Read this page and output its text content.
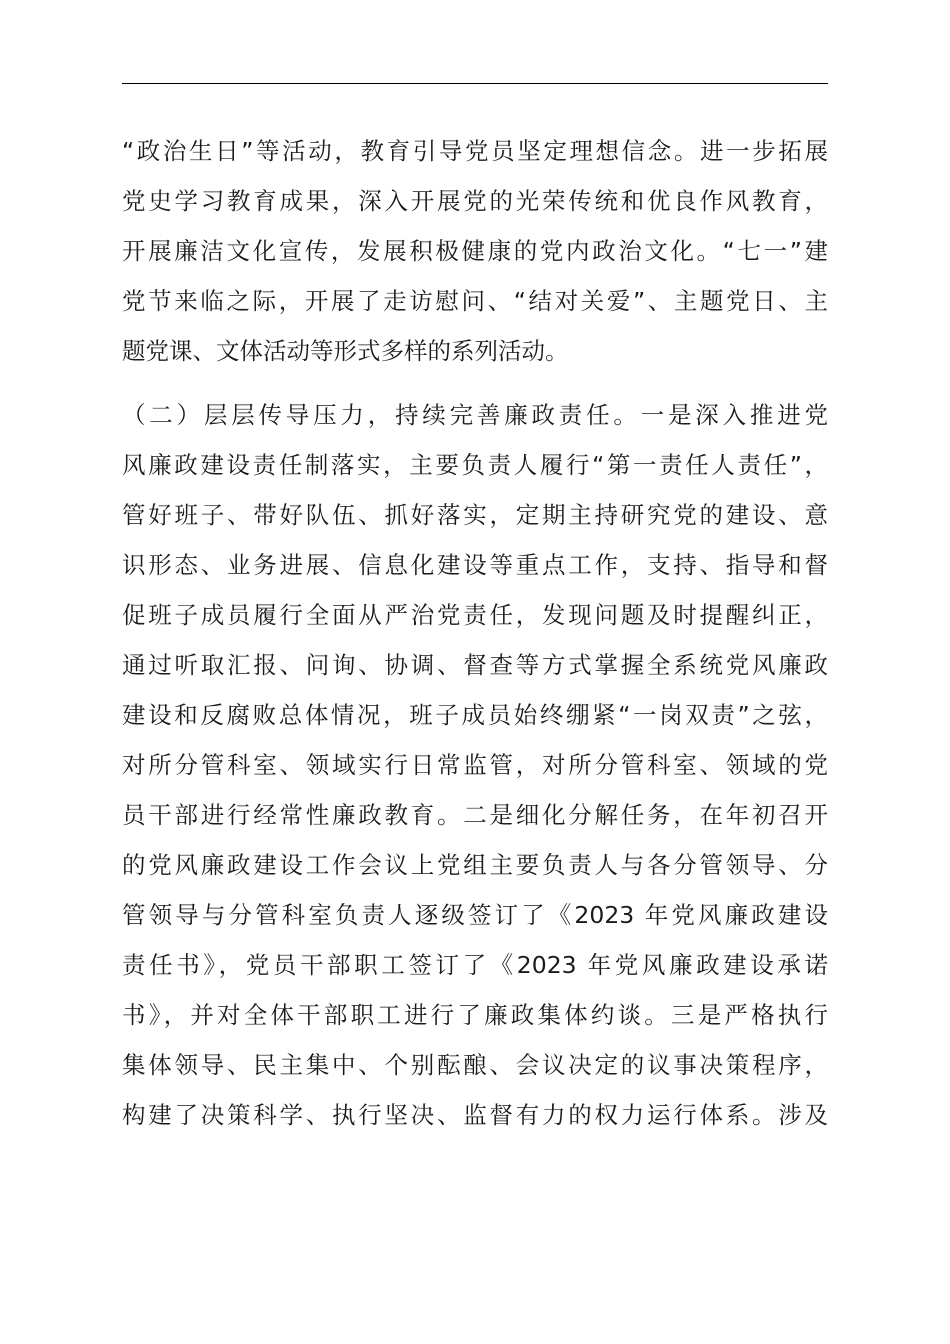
“政治生日”等活动，教育引导党员坚定理想信念。进一步拓展
党史学习教育成果，深入开展党的光荣传统和优良作风教育，
开展廉洁文化宣传，发展积极健康的党内政治文化。“七一”建
党节来临之际，开展了走访慰问、“结对关爱”、主题党日、主
题党课、文体活动等形式多样的系列活动。
（二）层层传导压力，持续完善廉政责任。一是深入推进党
风廉政建设责任制落实，主要负责人履行“第一责任人责任”，
管好班子、带好队伍、抓好落实，定期主持研究党的建设、意
识形态、业务进展、信息化建设等重点工作，支持、指导和督
促班子成员履行全面从严治党责任，发现问题及时提醒纠正，
通过听取汇报、问询、协调、督查等方式掌握全系统党风廉政
建设和反腐败总体情况，班子成员始终绷紧“一岗双责”之弦，
对所分管科室、领域实行日常监管，对所分管科室、领域的党
员干部进行经常性廉政教育。二是细化分解任务，在年初召开
的党风廉政建设工作会议上党组主要负责人与各分管领导、分
管领导与分管科室负责人逐级签订了《2023 年党风廉政建设
责任书》，党员干部职工签订了《2023 年党风廉政建设承诺
书》，并对全体干部职工进行了廉政集体约谈。三是严格执行
集体领导、民主集中、个别酝酿、会议决定的议事决策程序，
构建了决策科学、执行坚决、监督有力的权力运行体系。涉及
